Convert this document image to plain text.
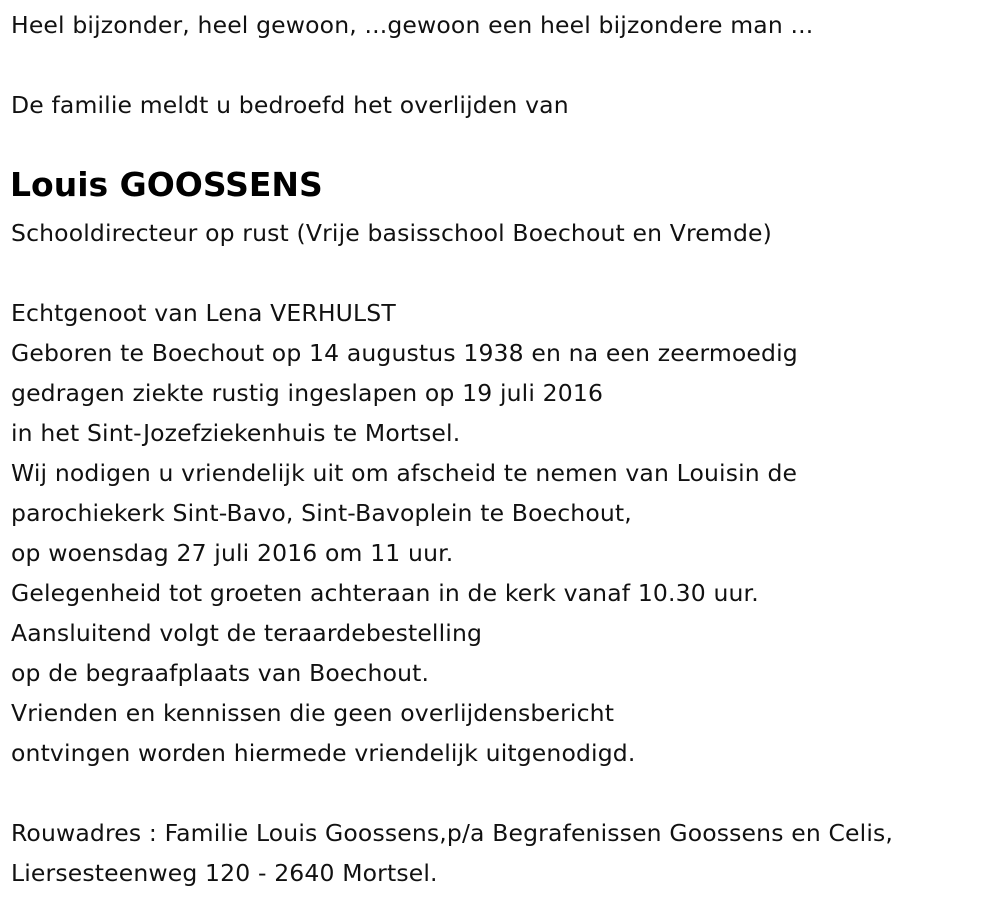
Heel bijzonder, heel gewoon, ...gewoon een heel bijzondere man ...
De familie meldt u bedroefd het overlijden van
Louis GOOSSENS
Schooldirecteur op rust (Vrije basisschool Boechout en Vremde)
Echtgenoot van Lena VERHULST
Geboren te Boechout op 14 augustus 1938 en na een zeermoedig
gedragen ziekte rustig ingeslapen op 19 juli 2016
in het Sint-Jozefziekenhuis te Mortsel.
Wij nodigen u vriendelijk uit om afscheid te nemen van Louisin de
parochiekerk Sint-Bavo, Sint-Bavoplein te Boechout,
op woensdag 27 juli 2016 om 11 uur.
Gelegenheid tot groeten achteraan in de kerk vanaf 10.30 uur.
Aansluitend volgt de teraardebestelling
op de begraafplaats van Boechout.
Vrienden en kennissen die geen overlijdensbericht
ontvingen worden hiermede vriendelijk uitgenodigd.
Rouwadres : Familie Louis Goossens,p/a Begrafenissen Goossens en Celis,
Liersesteenweg 120 - 2640 Mortsel.
